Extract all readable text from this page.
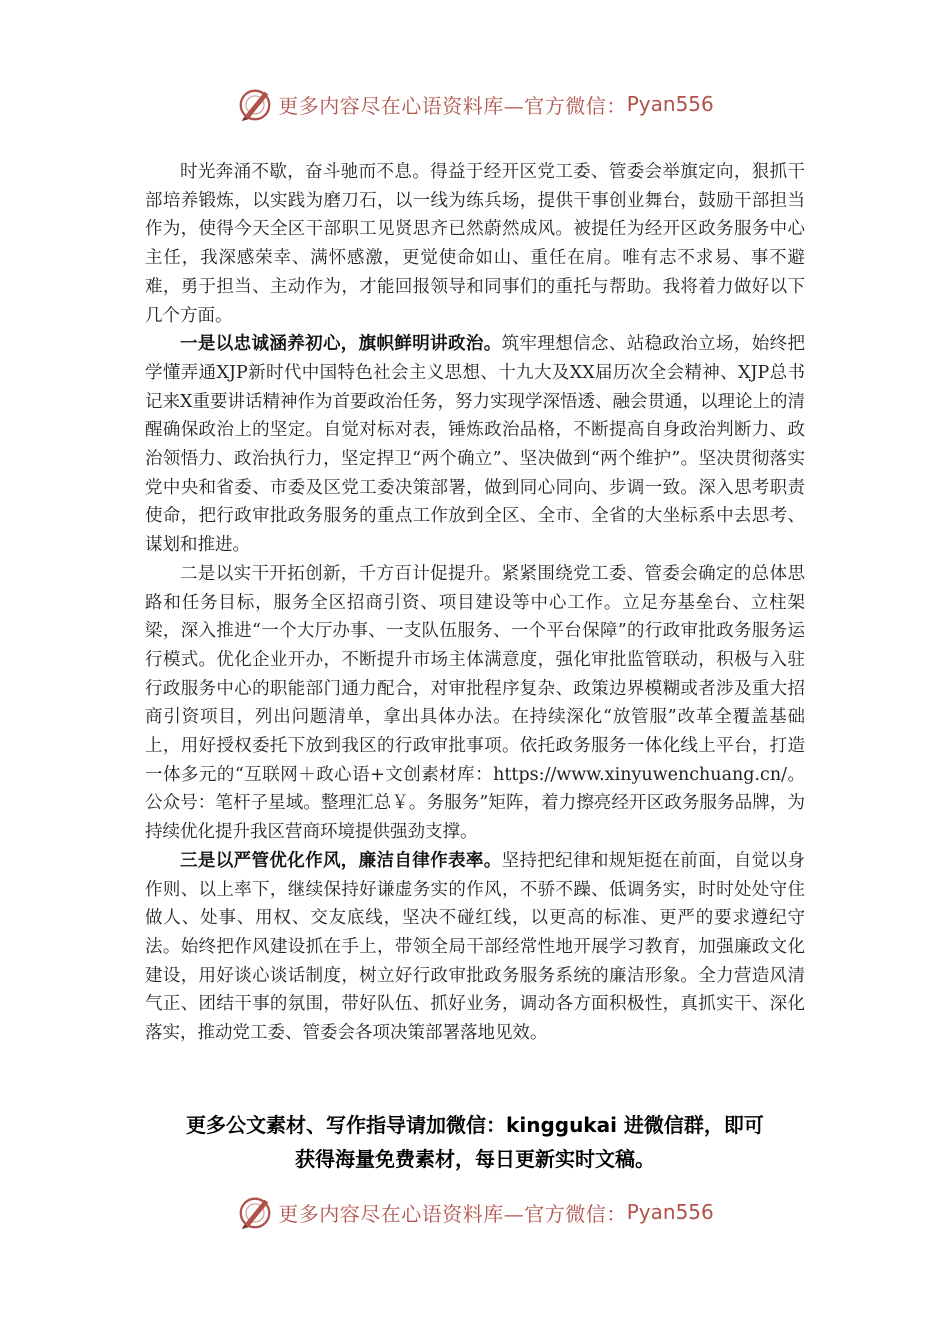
更多内容尽在心语资料库—官方微信： Pyan556

时光奔涌不歇，奋斗驰而不息。得益于经开区党工委、管委会举旗定向，狠抓干部培养锻炼，以实践为磨刀石，以一线为练兵场，提供干事创业舞台，鼓励干部担当作为，使得今天全区干部职工见贤思齐已然蔚然成风。被提任为经开区政务服务中心主任，我深感荣幸、满怀感激，更觉使命如山、重任在肩。唯有志不求易、事不避难，勇于担当、主动作为，才能回报领导和同事们的重托与帮助。我将着力做好以下几个方面。

一是以忠诚涵养初心，旗帜鲜明讲政治。筑牢理想信念、站稳政治立场，始终把学懂弄通XJP新时代中国特色社会主义思想、十九大及XX届历次全会精神、XJP总书记来X重要讲话精神作为首要政治任务，努力实现学深悟透、融会贯通，以理论上的清醒确保政治上的坚定。自觉对标对表，锤炼政治品格，不断提高自身政治判断力、政治领悟力、政治执行力，坚定捍卫“两个确立”、坚决做到“两个维护”。坚决贯彻落实党中央和省委、市委及区党工委决策部署，做到同心同向、步调一致。深入思考职责使命，把行政审批政务服务的重点工作放到全区、全市、全省的大坐标系中去思考、谋划和推进。

二是以实干开拓创新，千方百计促提升。紧紧围绕党工委、管委会确定的总体思路和任务目标，服务全区招商引资、项目建设等中心工作。立足夯基垒台、立柱架梁，深入推进“一个大厅办事、一支队伍服务、一个平台保障”的行政审批政务服务运行模式。优化企业开办，不断提升市场主体满意度，强化审批监管联动，积极与入驻行政服务中心的职能部门通力配合，对审批程序复杂、政策边界模糊或者涉及重大招商引资项目，列出问题清单，拿出具体办法。在持续深化“放管服”改革全覆盖基础上，用好授权委托下放到我区的行政审批事项。依托政务服务一体化线上平台，打造一体多元的“互联网＋政心语+文创素材库：https://www.xinyuwenchuang.cn/。公众号：笔杆子星域。整理汇总￥。务服务”矩阵，着力擦亮经开区政务服务品牌，为持续优化提升我区营商环境提供强劲支撑。

三是以严管优化作风，廉洁自律作表率。坚持把纪律和规矩挺在前面，自觉以身作则、以上率下，继续保持好谦虚务实的作风，不骄不躁、低调务实，时时处处守住做人、处事、用权、交友底线，坚决不碰红线，以更高的标准、更严的要求遵纪守法。始终把作风建设抓在手上，带领全局干部经常性地开展学习教育，加强廉政文化建设，用好谈心谈话制度，树立好行政审批政务服务系统的廉洁形象。全力营造风清气正、团结干事的氛围，带好队伍、抓好业务，调动各方面积极性，真抓实干、深化落实，推动党工委、管委会各项决策部署落地见效。

更多公文素材、写作指导请加微信：kinggukai 进微信群，即可
获得海量免费素材，每日更新实时文稿。
更多内容尽在心语资料库—官方微信： Pyan556
